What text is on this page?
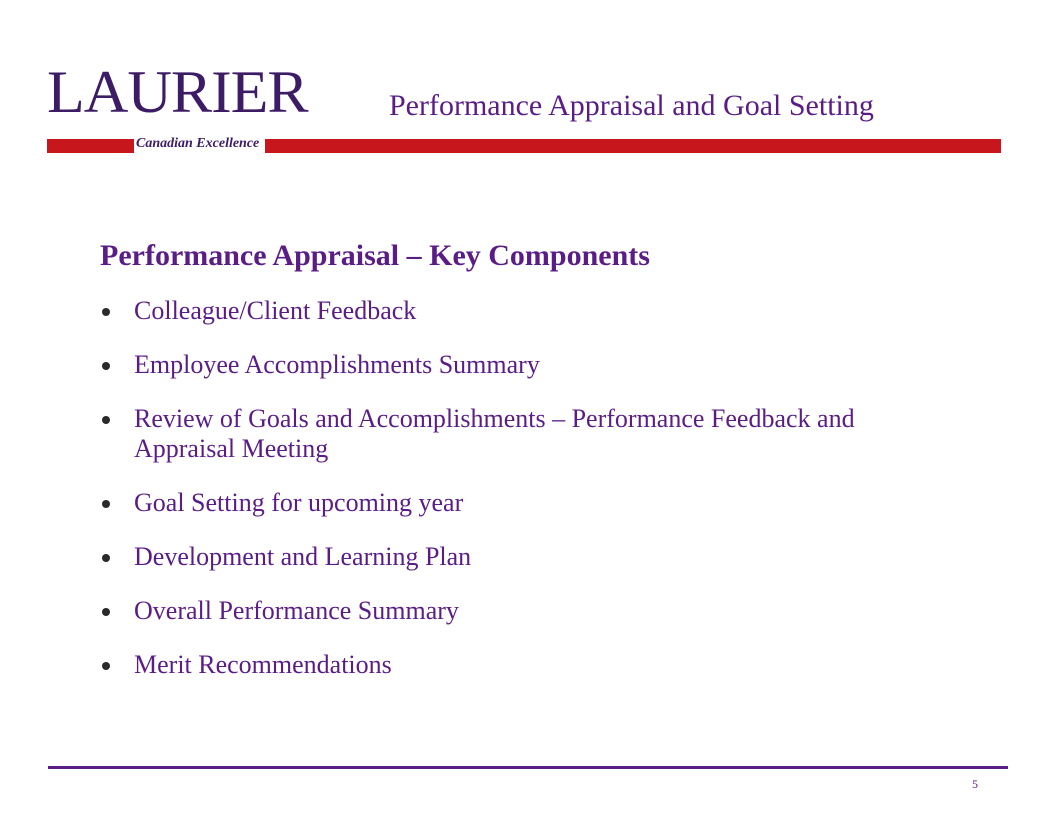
LAURIER	Performance Appraisal and Goal Setting
Canadian Excellence
Performance Appraisal – Key Components
Colleague/Client Feedback
Employee Accomplishments Summary
Review of Goals and Accomplishments – Performance Feedback and Appraisal Meeting
Goal Setting for upcoming year
Development and Learning Plan
Overall Performance Summary
Merit Recommendations
5
